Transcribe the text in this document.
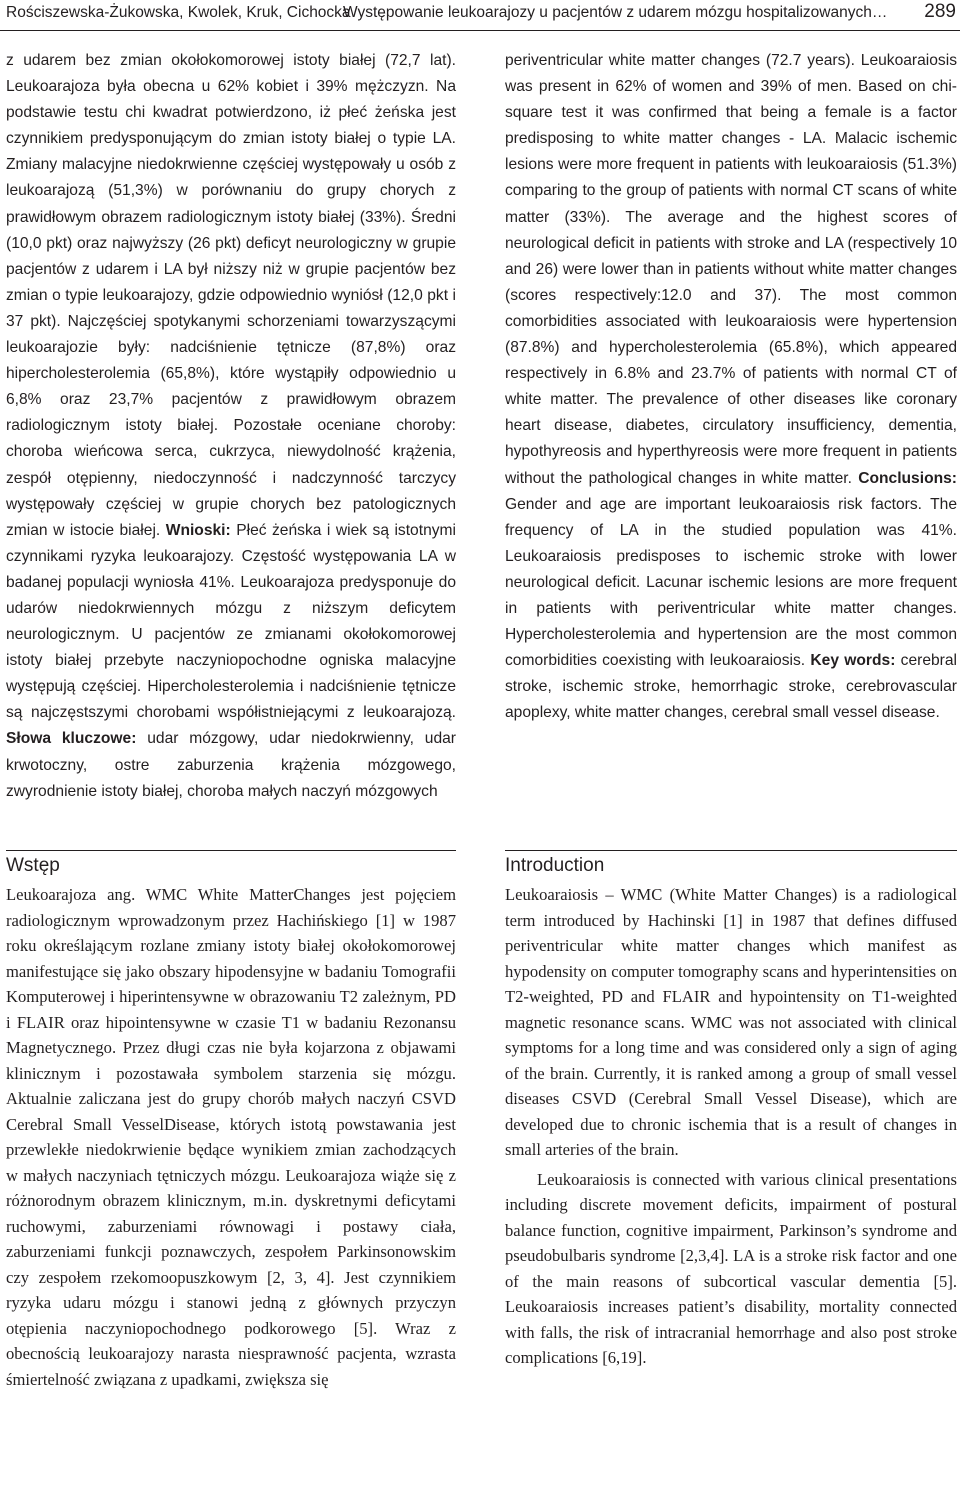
Rościszewska-Żukowska, Kwolek, Kruk, Cichocka
Występowanie leukoarajozy u pacjentów z udarem mózgu hospitalizowanych… 289

z udarem bez zmian okołokomorowej istoty białej (72,7 lat). Leukoarajoza była obecna u 62% kobiet i 39% mężczyzn. Na podstawie testu chi kwadrat potwierdzono, iż płeć żeńska jest czynnikiem predysponującym do zmian istoty białej o typie LA. Zmiany malacyjne niedokrwienne częściej występowały u osób z leukoarajozą (51,3%) w porównaniu do grupy chorych z prawidłowym obrazem radiologicznym istoty białej (33%). Średni (10,0 pkt) oraz najwyższy (26 pkt) deficyt neurologiczny w grupie pacjentów z udarem i LA był niższy niż w grupie pacjentów bez zmian o typie leukoarajozy, gdzie odpowiednio wyniósł (12,0 pkt i 37 pkt). Najczęściej spotykanymi schorzeniami towarzyszącymi leukoarajozie były: nadciśnienie tętnicze (87,8%) oraz hipercholesterolemia (65,8%), które wystąpiły odpowiednio u 6,8% oraz 23,7% pacjentów z prawidłowym obrazem radiologicznym istoty białej. Pozostałe oceniane choroby: choroba wieńcowa serca, cukrzyca, niewydolność krążenia, zespół otępienny, niedoczynność i nadczynność tarczycy występowały częściej w grupie chorych bez patologicznych zmian w istocie białej. Wnioski: Płeć żeńska i wiek są istotnymi czynnikami ryzyka leukoarajozy. Częstość występowania LA w badanej populacji wyniosła 41%. Leukoarajoza predysponuje do udarów niedokrwiennych mózgu z niższym deficytem neurologicznym. U pacjentów ze zmianami okołokomorowej istoty białej przebyte naczyniopochodne ogniska malacyjne występują częściej. Hipercholesterolemia i nadciśnienie tętnicze są najczęstszymi chorobami współistniejącymi z leukoarajozą. Słowa kluczowe: udar mózgowy, udar niedokrwienny, udar krwotoczny, ostre zaburzenia krążenia mózgowego, zwyrodnienie istoty białej, choroba małych naczyń mózgowych

periventricular white matter changes (72.7 years). Leukoaraiosis was present in 62% of women and 39% of men. Based on chi-square test it was confirmed that being a female is a factor predisposing to white matter changes - LA. Malacic ischemic lesions were more frequent in patients with leukoaraiosis (51.3%) comparing to the group of patients with normal CT scans of white matter (33%). The average and the highest scores of neurological deficit in patients with stroke and LA (respectively 10 and 26) were lower than in patients without white matter changes (scores respectively:12.0 and 37). The most common comorbidities associated with leukoaraiosis were hypertension (87.8%) and hypercholesterolemia (65.8%), which appeared respectively in 6.8% and 23.7% of patients with normal CT of white matter. The prevalence of other diseases like coronary heart disease, diabetes, circulatory insufficiency, dementia, hypothyreosis and hyperthyreosis were more frequent in patients without the pathological changes in white matter. Conclusions: Gender and age are important leukoaraiosis risk factors. The frequency of LA in the studied population was 41%. Leukoaraiosis predisposes to ischemic stroke with lower neurological deficit. Lacunar ischemic lesions are more frequent in patients with periventricular white matter changes. Hypercholesterolemia and hypertension are the most common comorbidities coexisting with leukoaraiosis. Key words: cerebral stroke, ischemic stroke, hemorrhagic stroke, cerebrovascular apoplexy, white matter changes, cerebral small vessel disease.

Wstęp	Introduction

Leukoarajoza ang. WMC White MatterChanges jest pojęciem radiologicznym wprowadzonym przez Hachińskiego [1] w 1987 roku określającym rozlane zmiany istoty białej okołokomorowej manifestujące się jako obszary hipodensyjne w badaniu Tomografii Komputerowej i hiperintensywne w obrazowaniu T2 zależnym, PD i FLAIR oraz hipointensywne w czasie T1 w badaniu Rezonansu Magnetycznego. Przez długi czas nie była kojarzona z objawami klinicznym i pozostawała symbolem starzenia się mózgu. Aktualnie zaliczana jest do grupy chorób małych naczyń CSVD Cerebral Small VesselDisease, których istotą powstawania jest przewlekłe niedokrwienie będące wynikiem zmian zachodzących w małych naczyniach tętniczych mózgu. Leukoarajoza wiąże się z różnorodnym obrazem klinicznym, m.in. dyskretnymi deficytami ruchowymi, zaburzeniami równowagi i postawy ciała, zaburzeniami funkcji poznawczych, zespołem Parkinsonowskim czy zespołem rzekomoopuszkowym [2, 3, 4]. Jest czynnikiem ryzyka udaru mózgu i stanowi jedną z głównych przyczyn otępienia naczyniopochodnego podkorowego [5]. Wraz z obecnością leukoarajozy narasta niesprawność pacjenta, wzrasta śmiertelność związana z upadkami, zwiększa się

Leukoaraiosis – WMC (White Matter Changes) is a radiological term introduced by Hachinski [1] in 1987 that defines diffused periventricular white matter changes which manifest as hypodensity on computer tomography scans and hyperintensities on T2-weighted, PD and FLAIR and hypointensity on T1-weighted magnetic resonance scans. WMC was not associated with clinical symptoms for a long time and was considered only a sign of aging of the brain. Currently, it is ranked among a group of small vessel diseases CSVD (Cerebral Small Vessel Disease), which are developed due to chronic ischemia that is a result of changes in small arteries of the brain.

Leukoaraiosis is connected with various clinical presentations including discrete movement deficits, impairment of postural balance function, cognitive impairment, Parkinson’s syndrome and pseudobulbaris syndrome [2,3,4]. LA is a stroke risk factor and one of the main reasons of subcortical vascular dementia [5]. Leukoaraiosis increases patient’s disability, mortality connected with falls, the risk of intracranial hemorrhage and also post stroke complications [6,19].
